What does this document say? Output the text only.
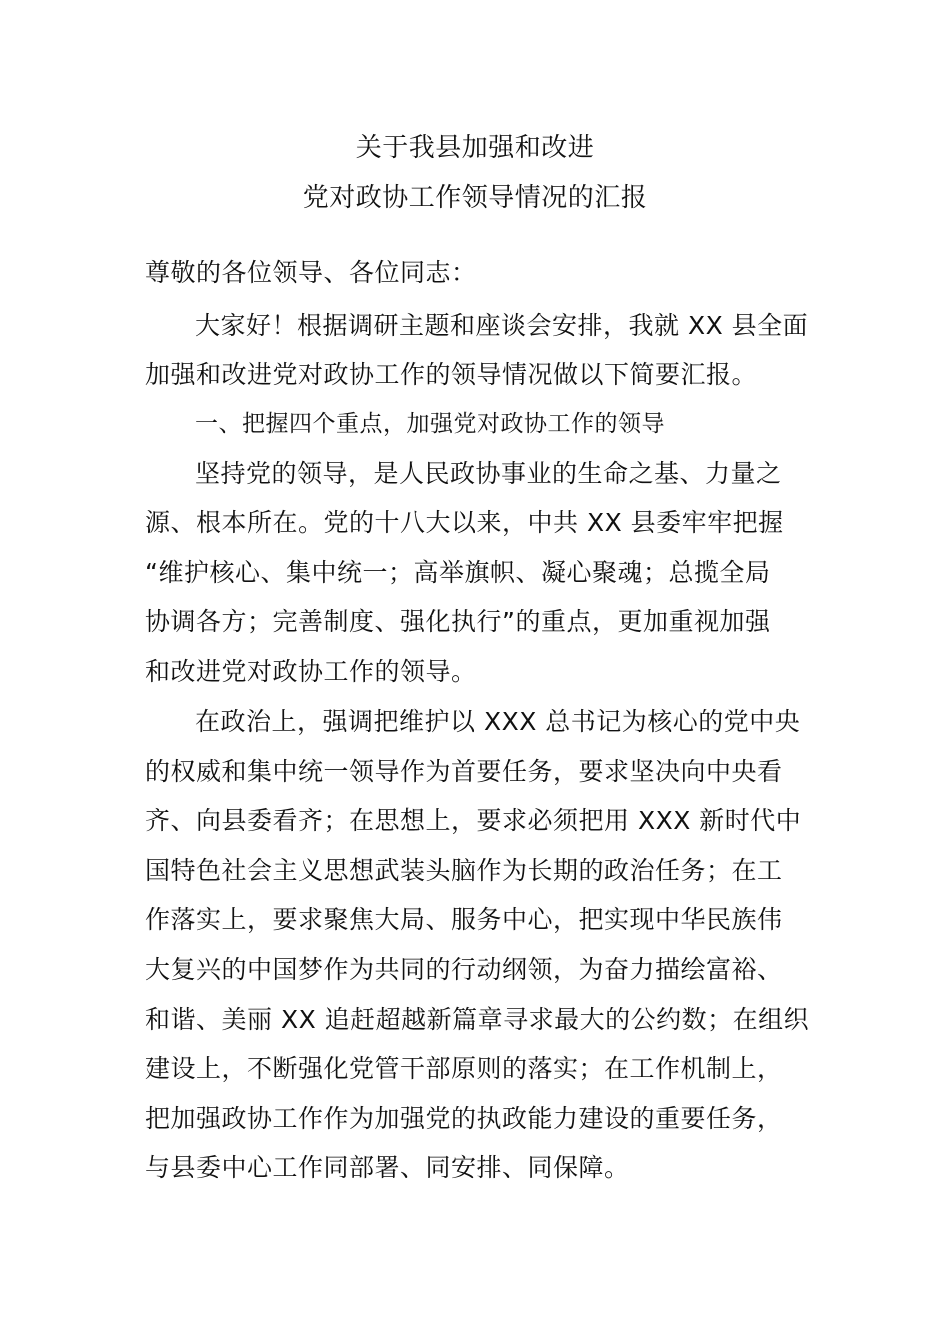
关于我县加强和改进
党对政协工作领导情况的汇报
尊敬的各位领导、各位同志：
大家好！根据调研主题和座谈会安排，我就 XX 县全面
加强和改进党对政协工作的领导情况做以下简要汇报。
一、把握四个重点，加强党对政协工作的领导
坚持党的领导，是人民政协事业的生命之基、力量之
源、根本所在。党的十八大以来，中共 XX 县委牢牢把握
“维护核心、集中统一；高举旗帜、凝心聚魂；总揽全局
协调各方；完善制度、强化执行”的重点，更加重视加强
和改进党对政协工作的领导。
在政治上，强调把维护以 XXX 总书记为核心的党中央
的权威和集中统一领导作为首要任务，要求坚决向中央看
齐、向县委看齐；在思想上，要求必须把用 XXX 新时代中
国特色社会主义思想武装头脑作为长期的政治任务；在工
作落实上，要求聚焦大局、服务中心，把实现中华民族伟
大复兴的中国梦作为共同的行动纲领，为奋力描绘富裕、
和谐、美丽 XX 追赶超越新篇章寻求最大的公约数；在组织
建设上，不断强化党管干部原则的落实；在工作机制上，
把加强政协工作作为加强党的执政能力建设的重要任务，
与县委中心工作同部署、同安排、同保障。
